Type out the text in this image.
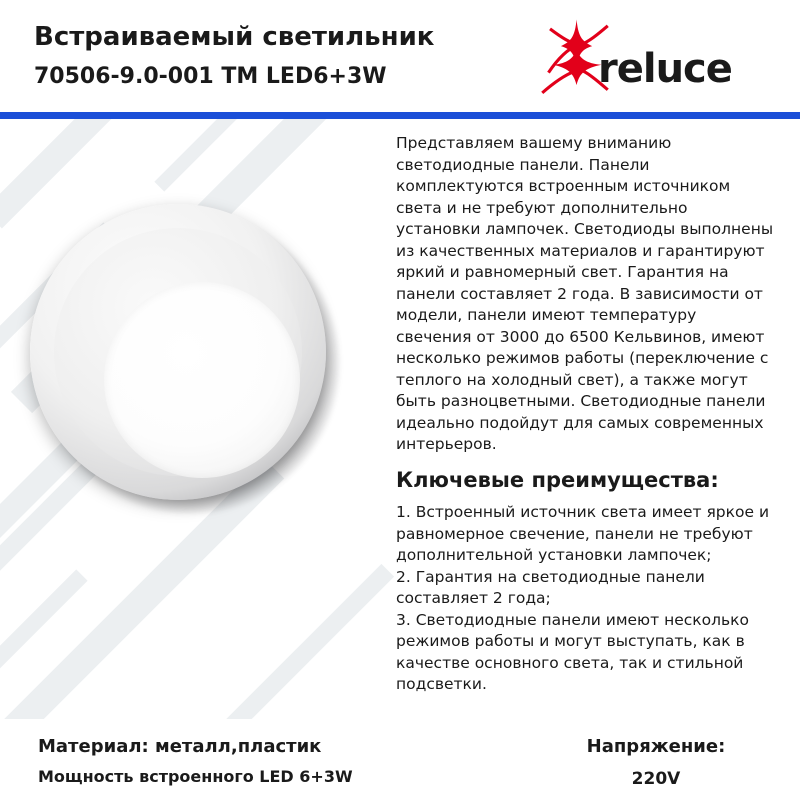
Встраиваемый светильник
70506-9.0-001 TM LED6+3W	reluce
Представляем вашему вниманию светодиодные панели. Панели комплектуются встроенным источником света и не требуют дополнительно установки лампочек. Светодиоды выполнены из качественных материалов и гарантируют яркий и равномерный свет. Гарантия на панели составляет 2 года. В зависимости от модели, панели имеют температуру свечения от 3000 до 6500 Кельвинов, имеют несколько режимов работы (переключение с теплого на холодный свет), а также могут быть разноцветными. Светодиодные панели идеально подойдут для самых современных интерьеров.
Ключевые преимущества:
1. Встроенный источник света имеет яркое и равномерное свечение, панели не требуют дополнительной установки лампочек;
2. Гарантия на светодиодные панели составляет 2 года;
3. Светодиодные панели имеют несколько режимов работы и могут выступать, как в качестве основного света, так и стильной подсветки.
Материал: металл,пластик
Мощность встроенного LED 6+3W
Напряжение:
220V
